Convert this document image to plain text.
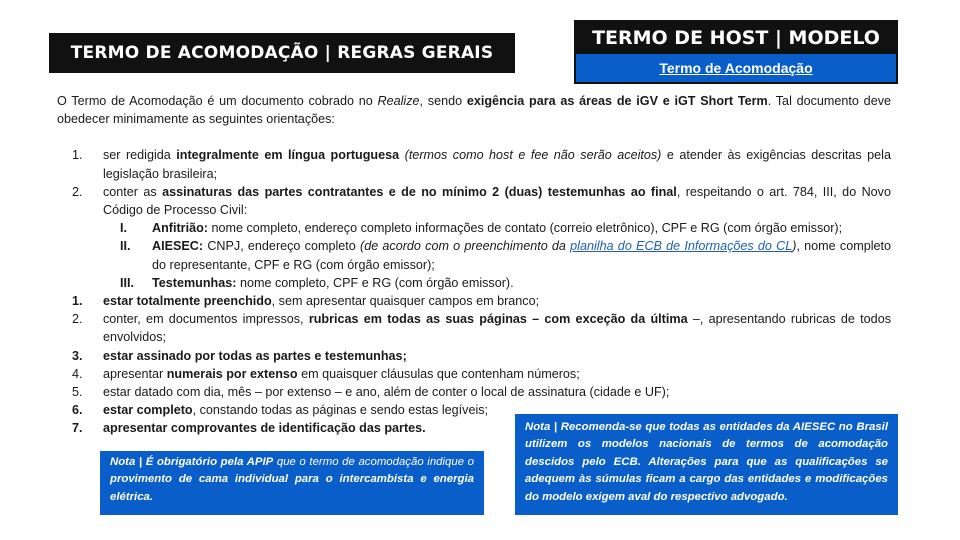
TERMO DE ACOMODAÇÃO | REGRAS GERAIS
TERMO DE HOST | MODELO
Termo de Acomodação

O Termo de Acomodação é um documento cobrado no Realize, sendo exigência para as áreas de iGV e iGT Short Term. Tal documento deve obedecer minimamente as seguintes orientações:

1. ser redigida integralmente em língua portuguesa (termos como host e fee não serão aceitos) e atender às exigências descritas pela legislação brasileira;
2. conter as assinaturas das partes contratantes e de no mínimo 2 (duas) testemunhas ao final, respeitando o art. 784, III, do Novo Código de Processo Civil:
I. Anfitrião: nome completo, endereço completo informações de contato (correio eletrônico), CPF e RG (com órgão emissor);
II. AIESEC: CNPJ, endereço completo (de acordo com o preenchimento da planilha do ECB de Informações do CL), nome completo do representante, CPF e RG (com órgão emissor);
III. Testemunhas: nome completo, CPF e RG (com órgão emissor).
1. estar totalmente preenchido, sem apresentar quaisquer campos em branco;
2. conter, em documentos impressos, rubricas em todas as suas páginas – com exceção da última –, apresentando rubricas de todos envolvidos;
3. estar assinado por todas as partes e testemunhas;
4. apresentar numerais por extenso em quaisquer cláusulas que contenham números;
5. estar datado com dia, mês – por extenso – e ano, além de conter o local de assinatura (cidade e UF);
6. estar completo, constando todas as páginas e sendo estas legíveis;
7. apresentar comprovantes de identificação das partes.
Nota | É obrigatório pela APIP que o termo de acomodação indique o provimento de cama individual para o intercambista e energia elétrica.
Nota | Recomenda-se que todas as entidades da AIESEC no Brasil utilizem os modelos nacionais de termos de acomodação descidos pelo ECB. Alterações para que as qualificações se adequem às súmulas ficam a cargo das entidades e modificações do modelo exigem aval do respectivo advogado.
